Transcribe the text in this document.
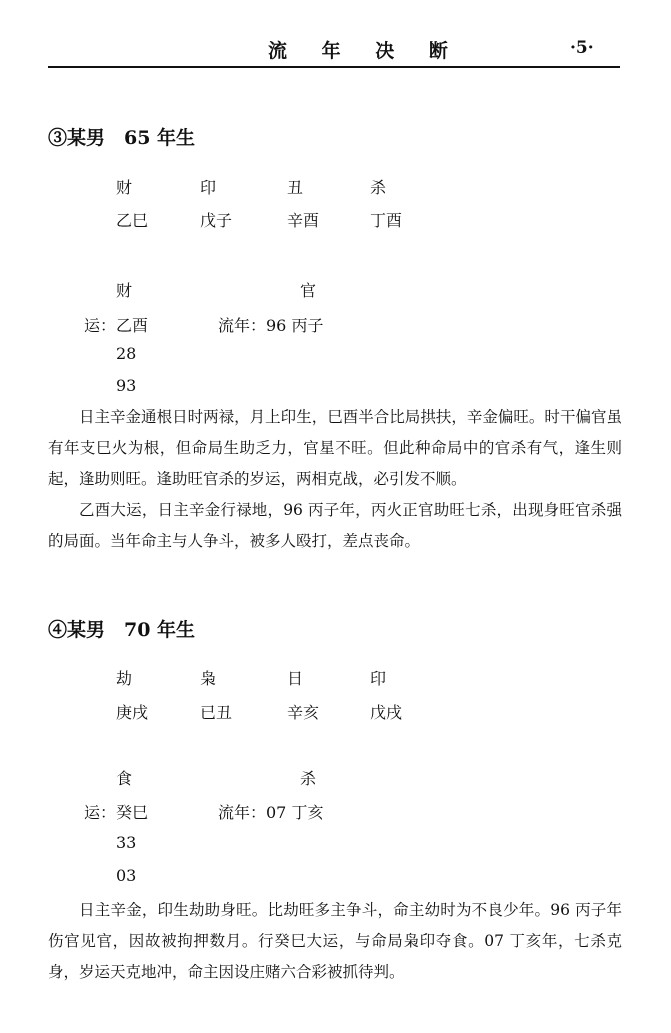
流 年 决 断	·5·
③某男　65 年生
财	印	丑	杀
乙巳	戊子	辛酉	丁酉
财	官
运：乙酉	流年：96 丙子
28
93

日主辛金通根日时两禄，月上印生，巳酉半合比局拱扶，辛金偏旺。时干偏官虽有年支巳火为根，但命局生助乏力，官星不旺。但此种命局中的官杀有气，逢生则起，逢助则旺。逢助旺官杀的岁运，两相克战，必引发不顺。

乙酉大运，日主辛金行禄地，96 丙子年，丙火正官助旺七杀，出现身旺官杀强的局面。当年命主与人争斗，被多人殴打，差点丧命。

④某男　70 年生
劫	枭	日	印
庚戌	已丑	辛亥	戊戌
食	杀
运：癸巳	流年：07 丁亥
33
03

日主辛金，印生劫助身旺。比劫旺多主争斗，命主幼时为不良少年。96 丙子年伤官见官，因故被拘押数月。行癸巳大运，与命局枭印夺食。07 丁亥年，七杀克身，岁运天克地冲，命主因设庄赌六合彩被抓待判。
